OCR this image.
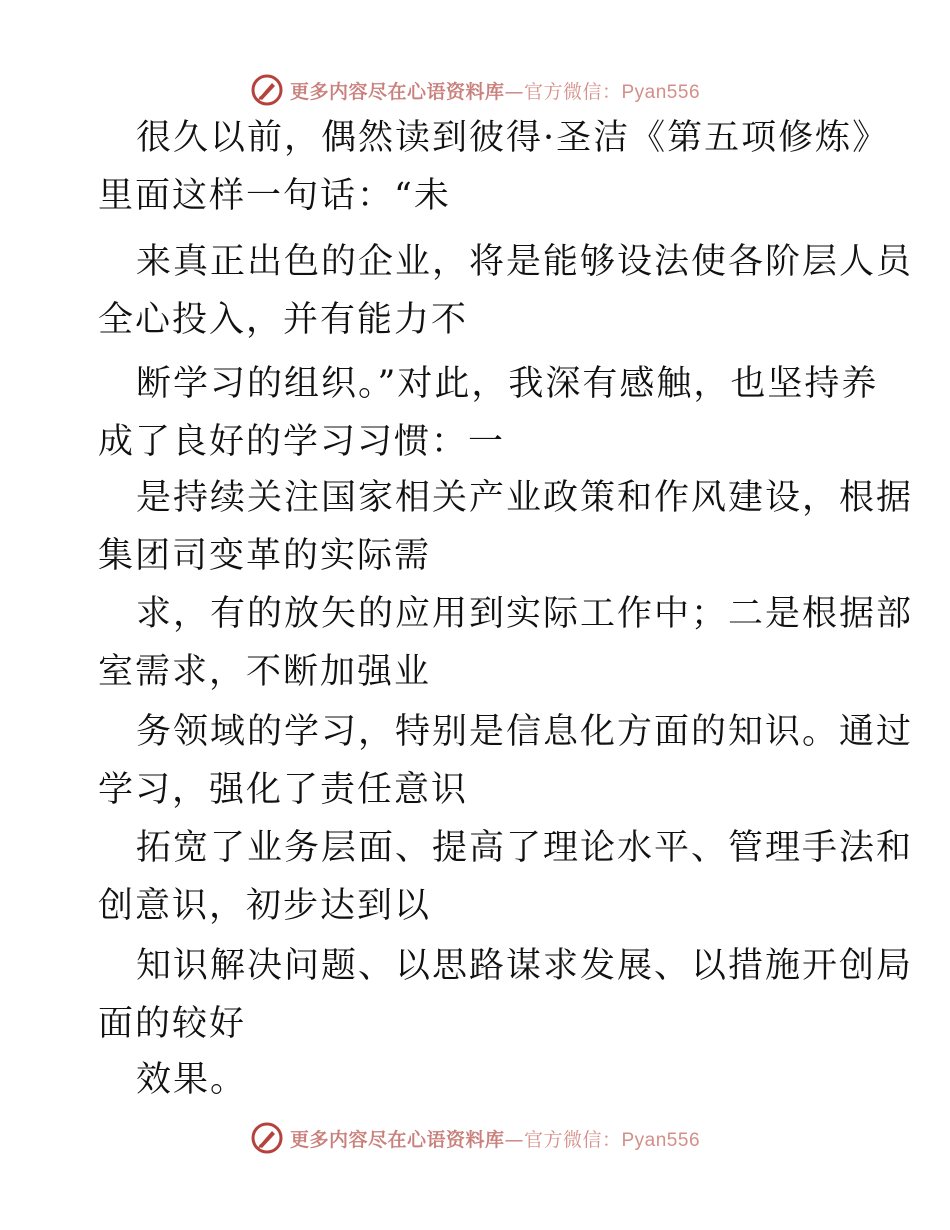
更多内容尽在心语资料库—官方微信：Pyan556
很久以前，偶然读到彼得·圣洁《第五项修炼》
里面这样一句话：“未
来真正出色的企业，将是能够设法使各阶层人员
全心投入，并有能力不
断学习的组织。”对此，我深有感触，也坚持养
成了良好的学习习惯：一
是持续关注国家相关产业政策和作风建设，根据
集团司变革的实际需
求，有的放矢的应用到实际工作中；二是根据部
室需求，不断加强业
务领域的学习，特别是信息化方面的知识。通过
学习，强化了责任意识
拓宽了业务层面、提高了理论水平、管理手法和
创意识，初步达到以
知识解决问题、以思路谋求发展、以措施开创局
面的较好
效果。
更多内容尽在心语资料库—官方微信：Pyan556
